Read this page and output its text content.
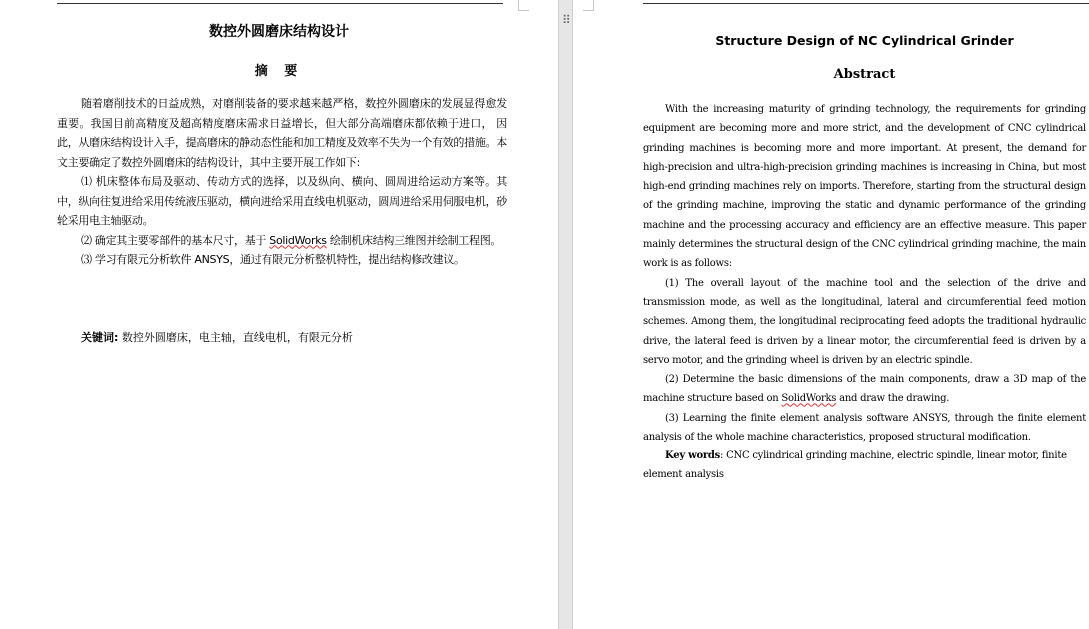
⠿
数控外圆磨床结构设计
摘 要

随着磨削技术的日益成熟，对磨削装备的要求越来越严格，数控外圆磨床的发展显得愈发重要。我国目前高精度及超高精度磨床需求日益增长，但大部分高端磨床都依赖于进口， 因此，从磨床结构设计入手，提高磨床的静动态性能和加工精度及效率不失为一个有效的措施。本文主要确定了数控外圆磨床的结构设计，其中主要开展工作如下:

⑴ 机床整体布局及驱动、传动方式的选择，以及纵向、横向、圆周进给运动方案等。其中，纵向往复进给采用传统液压驱动，横向进给采用直线电机驱动，圆周进给采用伺服电机，砂轮采用电主轴驱动。

⑵ 确定其主要零部件的基本尺寸，基于 SolidWorks 绘制机床结构三维图并绘制工程图。

⑶ 学习有限元分析软件 ANSYS，通过有限元分析整机特性，提出结构修改建议。

关键词: 数控外圆磨床，电主轴，直线电机，有限元分析
Structure Design of NC Cylindrical Grinder
Abstract

With the increasing maturity of grinding technology, the requirements for grinding equipment are becoming more and more strict, and the development of CNC cylindrical grinding machines is becoming more and more important. At present, the demand for high-precision and ultra-high-precision grinding machines is increasing in China, but most high-end grinding machines rely on imports. Therefore, starting from the structural design of the grinding machine, improving the static and dynamic performance of the grinding machine and the processing accuracy and efficiency are an effective measure. This paper mainly determines the structural design of the CNC cylindrical grinding machine, the main work is as follows:

(1) The overall layout of the machine tool and the selection of the drive and transmission mode, as well as the longitudinal, lateral and circumferential feed motion schemes. Among them, the longitudinal reciprocating feed adopts the traditional hydraulic drive, the lateral feed is driven by a linear motor, the circumferential feed is driven by a servo motor, and the grinding wheel is driven by an electric spindle.

(2) Determine the basic dimensions of the main components, draw a 3D map of the machine structure based on SolidWorks and draw the drawing.

(3) Learning the finite element analysis software ANSYS, through the finite element analysis of the whole machine characteristics, proposed structural modification.

Key words: CNC cylindrical grinding machine, electric spindle, linear motor, finite element analysis
